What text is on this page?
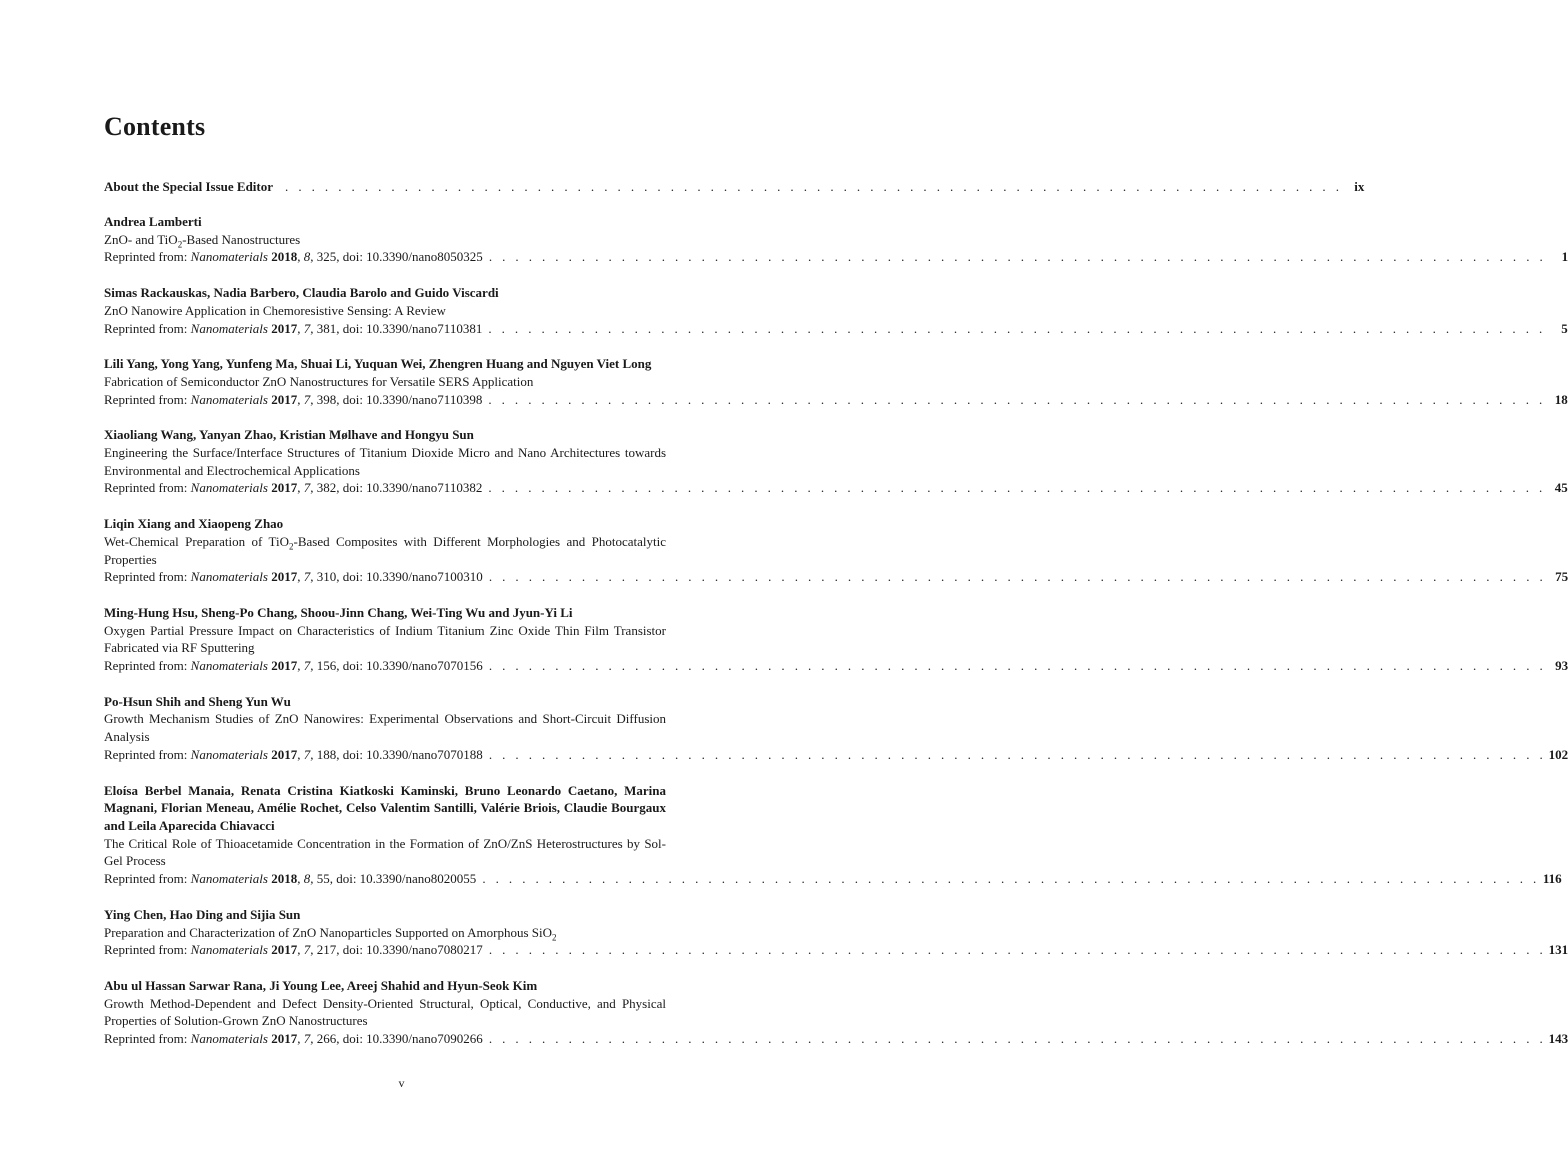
Contents
About the Special Issue Editor . . . . . . . . . . . . . . . . . . . . . . . . . . . . . . . . . . . . . . . . . . . . . . . . . . . . . . . . . . . . . . . . . . . . . . . . . . . . . . . . ix
Andrea Lamberti
ZnO- and TiO$_2$-Based Nanostructures
Reprinted from: Nanomaterials 2018, 8, 325, doi: 10.3390/nano8050325 . . . . . . . . . . . . . . . . . . . . . . . . . . . . . . . . . . . . . . . . . . . . . . . . . . . . . . . . . . . . . . . . . . . . . . . . . . . . . . . .	1
Simas Rackauskas, Nadia Barbero, Claudia Barolo and Guido Viscardi
ZnO Nanowire Application in Chemoresistive Sensing: A Review
Reprinted from: Nanomaterials 2017, 7, 381, doi: 10.3390/nano7110381 . . . . . . . . . . . . . . . . . . . . . . . . . . . . . . . . . . . . . . . . . . . . . . . . . . . . . . . . . . . . . . . . . . . . . . . . . . . . . . . .	5
Lili Yang, Yong Yang, Yunfeng Ma, Shuai Li, Yuquan Wei, Zhengren Huang and Nguyen Viet Long
Fabrication of Semiconductor ZnO Nanostructures for Versatile SERS Application
Reprinted from: Nanomaterials 2017, 7, 398, doi: 10.3390/nano7110398 . . . . . . . . . . . . . . . . . . . . . . . . . . . . . . . . . . . . . . . . . . . . . . . . . . . . . . . . . . . . . . . . . . . . . . . . . . . . . . . . 18
Xiaoliang Wang, Yanyan Zhao, Kristian Mølhave and Hongyu Sun
Engineering the Surface/Interface Structures of Titanium Dioxide Micro and Nano Architectures towards Environmental and Electrochemical Applications
Reprinted from: Nanomaterials 2017, 7, 382, doi: 10.3390/nano7110382 . . . . . . . . . . . . . . . . . . . . . . . . . . . . . . . . . . . . . . . . . . . . . . . . . . . . . . . . . . . . . . . . . . . . . . . . . . . . . . . . 45
Liqin Xiang and Xiaopeng Zhao
Wet-Chemical Preparation of TiO$_2$-Based Composites with Different Morphologies and Photocatalytic Properties
Reprinted from: Nanomaterials 2017, 7, 310, doi: 10.3390/nano7100310 . . . . . . . . . . . . . . . . . . . . . . . . . . . . . . . . . . . . . . . . . . . . . . . . . . . . . . . . . . . . . . . . . . . . . . . . . . . . . . . . 75
Ming-Hung Hsu, Sheng-Po Chang, Shoou-Jinn Chang, Wei-Ting Wu and Jyun-Yi Li
Oxygen Partial Pressure Impact on Characteristics of Indium Titanium Zinc Oxide Thin Film Transistor Fabricated via RF Sputtering
Reprinted from: Nanomaterials 2017, 7, 156, doi: 10.3390/nano7070156 . . . . . . . . . . . . . . . . . . . . . . . . . . . . . . . . . . . . . . . . . . . . . . . . . . . . . . . . . . . . . . . . . . . . . . . . . . . . . . . . 93
Po-Hsun Shih and Sheng Yun Wu
Growth Mechanism Studies of ZnO Nanowires: Experimental Observations and Short-Circuit Diffusion Analysis
Reprinted from: Nanomaterials 2017, 7, 188, doi: 10.3390/nano7070188 . . . . . . . . . . . . . . . . . . . . . . . . . . . . . . . . . . . . . . . . . . . . . . . . . . . . . . . . . . . . . . . . . . . . . . . . . . . . . . . . 102
Eloísa Berbel Manaia, Renata Cristina Kiatkoski Kaminski, Bruno Leonardo Caetano, Marina Magnani, Florian Meneau, Amélie Rochet, Celso Valentim Santilli, Valérie Briois, Claudie Bourgaux and Leila Aparecida Chiavacci
The Critical Role of Thioacetamide Concentration in the Formation of ZnO/ZnS Heterostructures by Sol-Gel Process
Reprinted from: Nanomaterials 2018, 8, 55, doi: 10.3390/nano8020055 . . . . . . . . . . . . . . . . . . . . . . . . . . . . . . . . . . . . . . . . . . . . . . . . . . . . . . . . . . . . . . . . . . . . . . . . . . . . . . . . 116
Ying Chen, Hao Ding and Sijia Sun
Preparation and Characterization of ZnO Nanoparticles Supported on Amorphous SiO$_2$
Reprinted from: Nanomaterials 2017, 7, 217, doi: 10.3390/nano7080217 . . . . . . . . . . . . . . . . . . . . . . . . . . . . . . . . . . . . . . . . . . . . . . . . . . . . . . . . . . . . . . . . . . . . . . . . . . . . . . . . 131
Abu ul Hassan Sarwar Rana, Ji Young Lee, Areej Shahid and Hyun-Seok Kim
Growth Method-Dependent and Defect Density-Oriented Structural, Optical, Conductive, and Physical Properties of Solution-Grown ZnO Nanostructures
Reprinted from: Nanomaterials 2017, 7, 266, doi: 10.3390/nano7090266 . . . . . . . . . . . . . . . . . . . . . . . . . . . . . . . . . . . . . . . . . . . . . . . . . . . . . . . . . . . . . . . . . . . . . . . . . . . . . . . . 143
v
